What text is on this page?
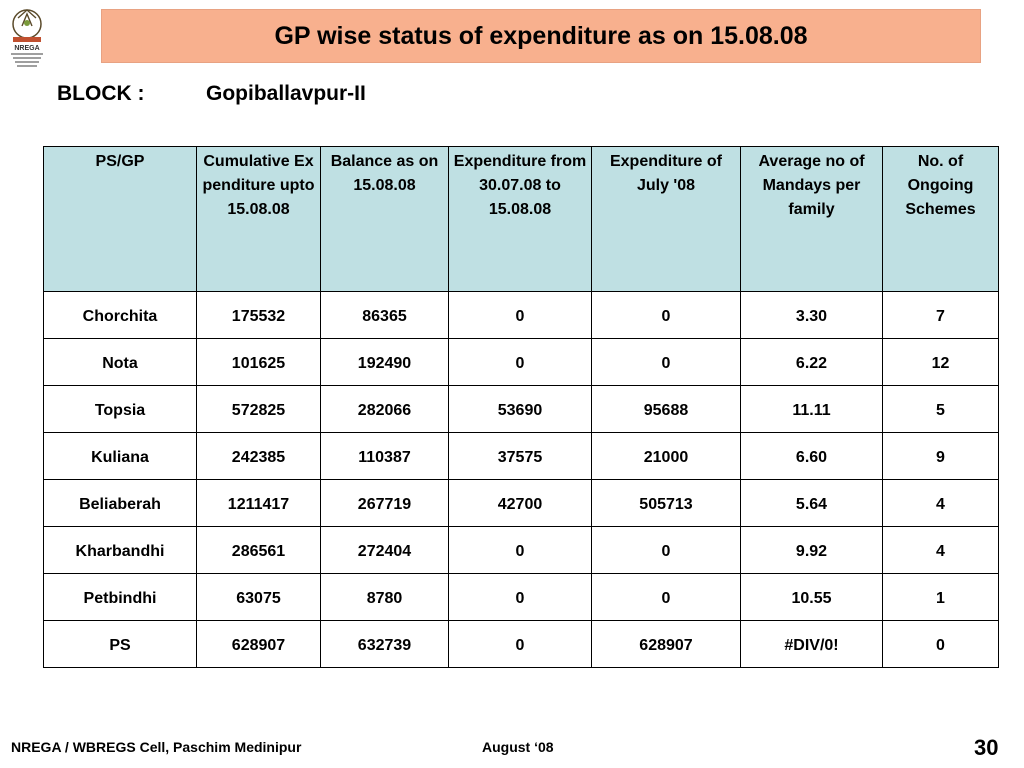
NREGA	GP wise status of expenditure as on 15.08.08
BLOCK :	Gopiballavpur-II
PS/GP	Cumulative Expenditure upto 15.08.08	Balance as on 15.08.08	Expenditure from 30.07.08 to 15.08.08	Expenditure of July '08	Average no of Mandays per family	No. of Ongoing Schemes
Chorchita	175532	86365	0	0	3.30	7
Nota	101625	192490	0	0	6.22	12
Topsia	572825	282066	53690	95688	11.11	5
Kuliana	242385	110387	37575	21000	6.60	9
Beliaberah	1211417	267719	42700	505713	5.64	4
Kharbandhi	286561	272404	0	0	9.92	4
Petbindhi	63075	8780	0	0	10.55	1
PS	628907	632739	0	628907	#DIV/0!	0
NREGA / WBREGS Cell, Paschim Medinipur	August ‘08	30
